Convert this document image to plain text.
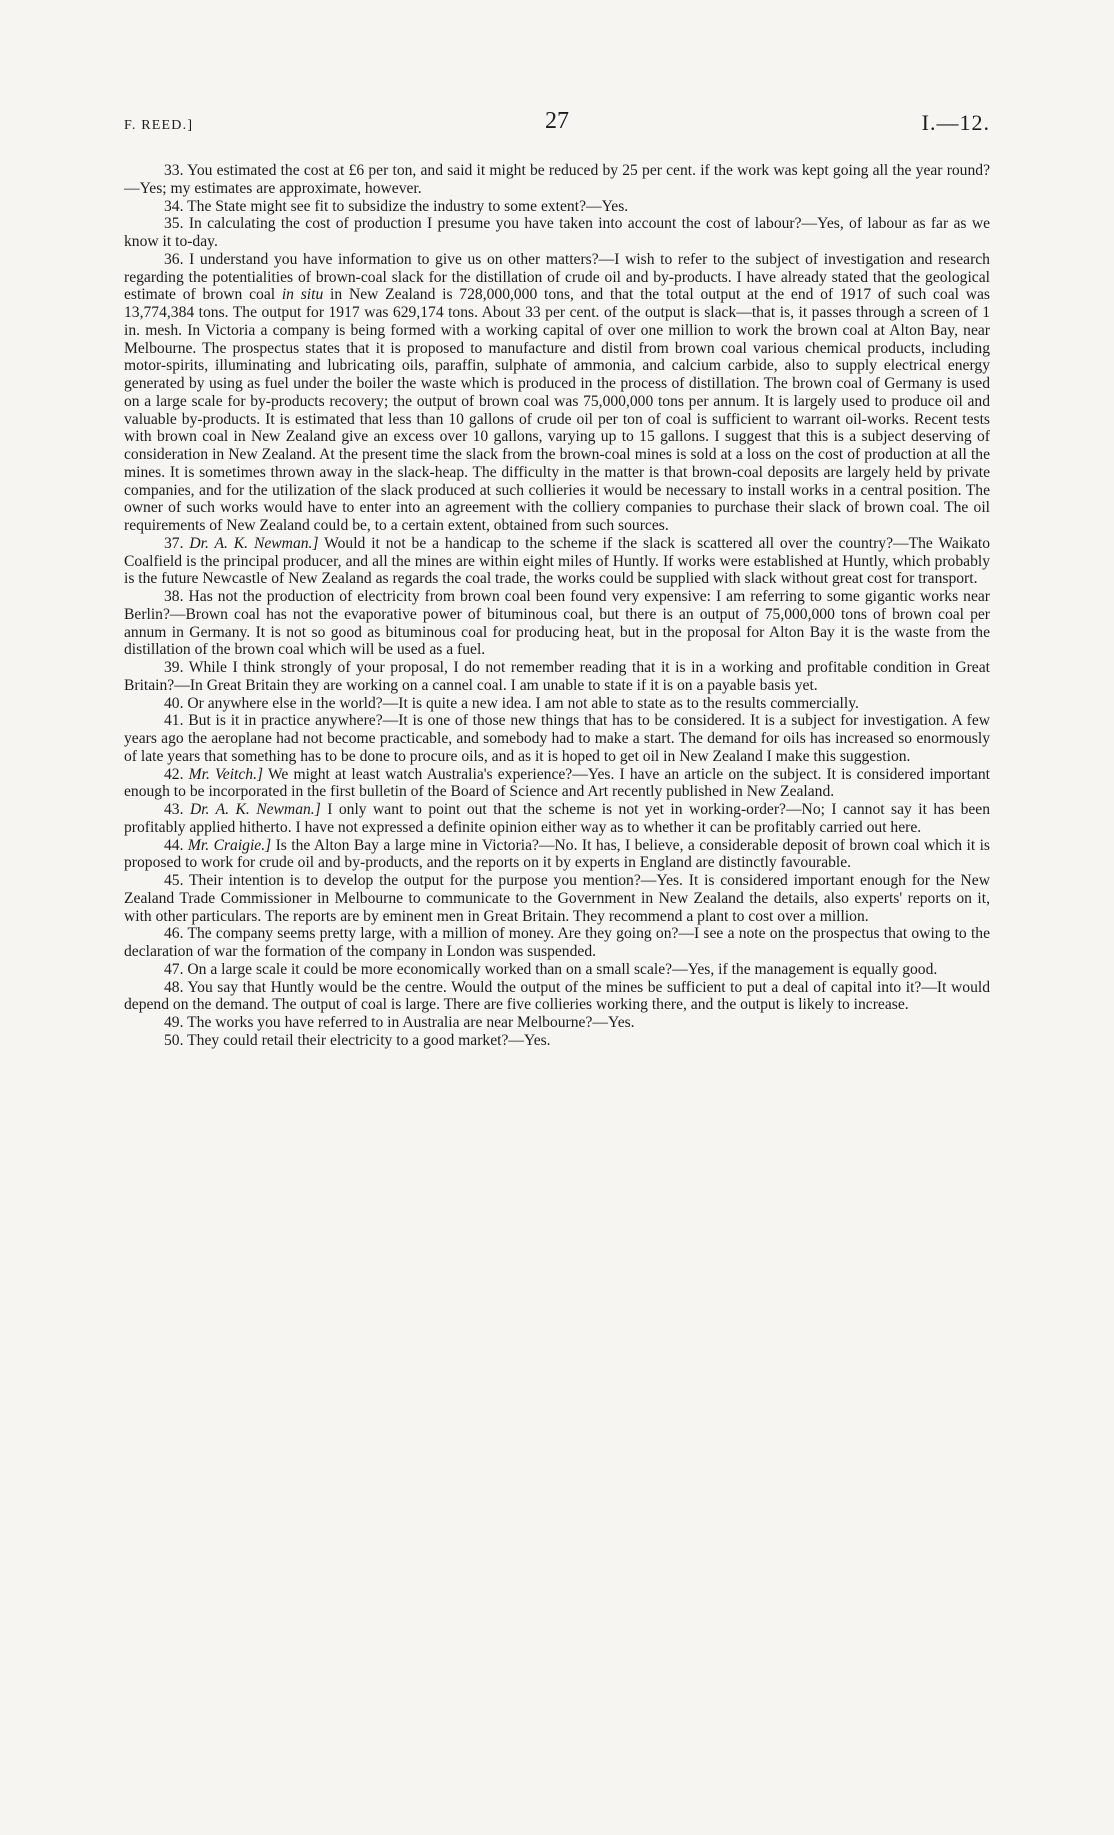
F. REED.]	27	I.—12.

33. You estimated the cost at £6 per ton, and said it might be reduced by 25 per cent. if the work was kept going all the year round?—Yes; my estimates are approximate, however.

34. The State might see fit to subsidize the industry to some extent?—Yes.

35. In calculating the cost of production I presume you have taken into account the cost of labour?—Yes, of labour as far as we know it to-day.

36. I understand you have information to give us on other matters?—I wish to refer to the subject of investigation and research regarding the potentialities of brown-coal slack for the distillation of crude oil and by-products. I have already stated that the geological estimate of brown coal in situ in New Zealand is 728,000,000 tons, and that the total output at the end of 1917 of such coal was 13,774,384 tons. The output for 1917 was 629,174 tons. About 33 per cent. of the output is slack—that is, it passes through a screen of 1 in. mesh. In Victoria a company is being formed with a working capital of over one million to work the brown coal at Alton Bay, near Melbourne. The prospectus states that it is proposed to manufacture and distil from brown coal various chemical products, including motor-spirits, illuminating and lubricating oils, paraffin, sulphate of ammonia, and calcium carbide, also to supply electrical energy generated by using as fuel under the boiler the waste which is produced in the process of distillation. The brown coal of Germany is used on a large scale for by-products recovery; the output of brown coal was 75,000,000 tons per annum. It is largely used to produce oil and valuable by-products. It is estimated that less than 10 gallons of crude oil per ton of coal is sufficient to warrant oil-works. Recent tests with brown coal in New Zealand give an excess over 10 gallons, varying up to 15 gallons. I suggest that this is a subject deserving of consideration in New Zealand. At the present time the slack from the brown-coal mines is sold at a loss on the cost of production at all the mines. It is sometimes thrown away in the slack-heap. The difficulty in the matter is that brown-coal deposits are largely held by private companies, and for the utilization of the slack produced at such collieries it would be necessary to install works in a central position. The owner of such works would have to enter into an agreement with the colliery companies to purchase their slack of brown coal. The oil requirements of New Zealand could be, to a certain extent, obtained from such sources.

37. Dr. A. K. Newman.] Would it not be a handicap to the scheme if the slack is scattered all over the country?—The Waikato Coalfield is the principal producer, and all the mines are within eight miles of Huntly. If works were established at Huntly, which probably is the future Newcastle of New Zealand as regards the coal trade, the works could be supplied with slack without great cost for transport.

38. Has not the production of electricity from brown coal been found very expensive: I am referring to some gigantic works near Berlin?—Brown coal has not the evaporative power of bituminous coal, but there is an output of 75,000,000 tons of brown coal per annum in Germany. It is not so good as bituminous coal for producing heat, but in the proposal for Alton Bay it is the waste from the distillation of the brown coal which will be used as a fuel.

39. While I think strongly of your proposal, I do not remember reading that it is in a working and profitable condition in Great Britain?—In Great Britain they are working on a cannel coal. I am unable to state if it is on a payable basis yet.

40. Or anywhere else in the world?—It is quite a new idea. I am not able to state as to the results commercially.

41. But is it in practice anywhere?—It is one of those new things that has to be considered. It is a subject for investigation. A few years ago the aeroplane had not become practicable, and somebody had to make a start. The demand for oils has increased so enormously of late years that something has to be done to procure oils, and as it is hoped to get oil in New Zealand I make this suggestion.

42. Mr. Veitch.] We might at least watch Australia's experience?—Yes. I have an article on the subject. It is considered important enough to be incorporated in the first bulletin of the Board of Science and Art recently published in New Zealand.

43. Dr. A. K. Newman.] I only want to point out that the scheme is not yet in working-order?—No; I cannot say it has been profitably applied hitherto. I have not expressed a definite opinion either way as to whether it can be profitably carried out here.

44. Mr. Craigie.] Is the Alton Bay a large mine in Victoria?—No. It has, I believe, a considerable deposit of brown coal which it is proposed to work for crude oil and by-products, and the reports on it by experts in England are distinctly favourable.

45. Their intention is to develop the output for the purpose you mention?—Yes. It is considered important enough for the New Zealand Trade Commissioner in Melbourne to communicate to the Government in New Zealand the details, also experts' reports on it, with other particulars. The reports are by eminent men in Great Britain. They recommend a plant to cost over a million.

46. The company seems pretty large, with a million of money. Are they going on?—I see a note on the prospectus that owing to the declaration of war the formation of the company in London was suspended.

47. On a large scale it could be more economically worked than on a small scale?—Yes, if the management is equally good.

48. You say that Huntly would be the centre. Would the output of the mines be sufficient to put a deal of capital into it?—It would depend on the demand. The output of coal is large. There are five collieries working there, and the output is likely to increase.

49. The works you have referred to in Australia are near Melbourne?—Yes.

50. They could retail their electricity to a good market?—Yes.
